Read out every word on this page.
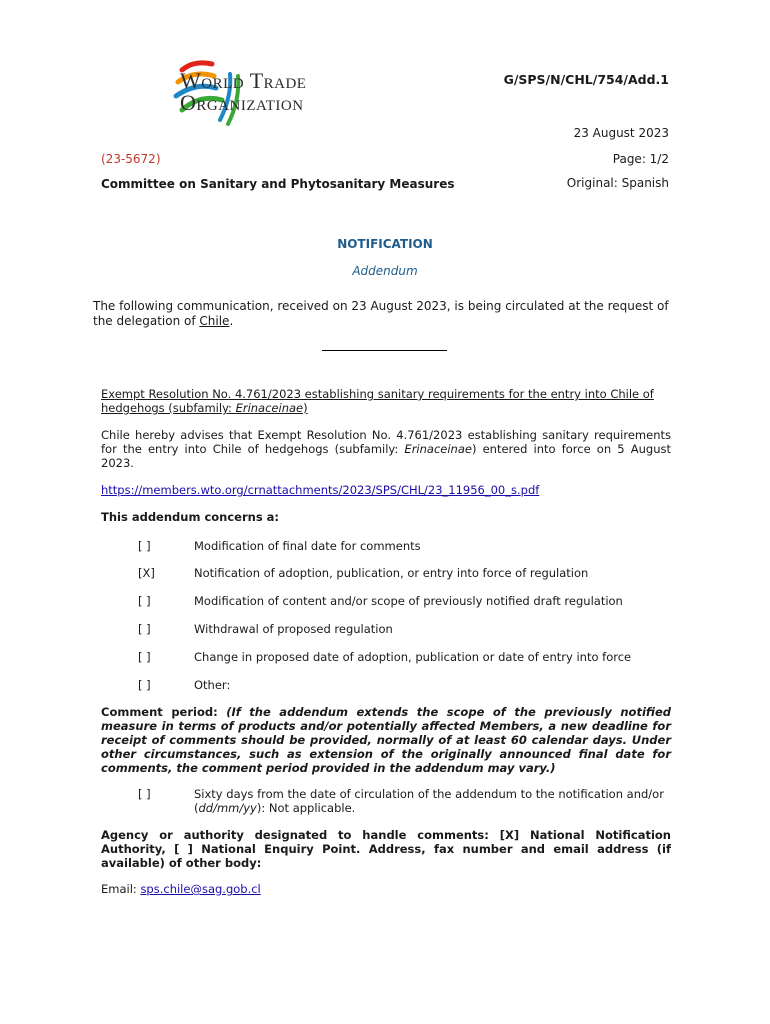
World Trade
Organization
G/SPS/N/CHL/754/Add.1
23 August 2023
(23-5672)	Page: 1/2
Committee on Sanitary and Phytosanitary Measures	Original: Spanish
NOTIFICATION
Addendum
The following communication, received on 23 August 2023, is being circulated at the request of the delegation of Chile.
Exempt Resolution No. 4.761/2023 establishing sanitary requirements for the entry into Chile of hedgehogs (subfamily: Erinaceinae)
Chile hereby advises that Exempt Resolution No. 4.761/2023 establishing sanitary requirements for the entry into Chile of hedgehogs (subfamily: Erinaceinae) entered into force on 5 August 2023.
https://members.wto.org/crnattachments/2023/SPS/CHL/23_11956_00_s.pdf
This addendum concerns a:
[ ]	Modification of final date for comments
[X]	Notification of adoption, publication, or entry into force of regulation
[ ]	Modification of content and/or scope of previously notified draft regulation
[ ]	Withdrawal of proposed regulation
[ ]	Change in proposed date of adoption, publication or date of entry into force
[ ]	Other:
Comment period: (If the addendum extends the scope of the previously notified measure in terms of products and/or potentially affected Members, a new deadline for receipt of comments should be provided, normally of at least 60 calendar days. Under other circumstances, such as extension of the originally announced final date for comments, the comment period provided in the addendum may vary.)
[ ]	Sixty days from the date of circulation of the addendum to the notification and/or (dd/mm/yy): Not applicable.
Agency or authority designated to handle comments: [X] National Notification Authority, [ ] National Enquiry Point. Address, fax number and email address (if available) of other body:
Email: sps.chile@sag.gob.cl
